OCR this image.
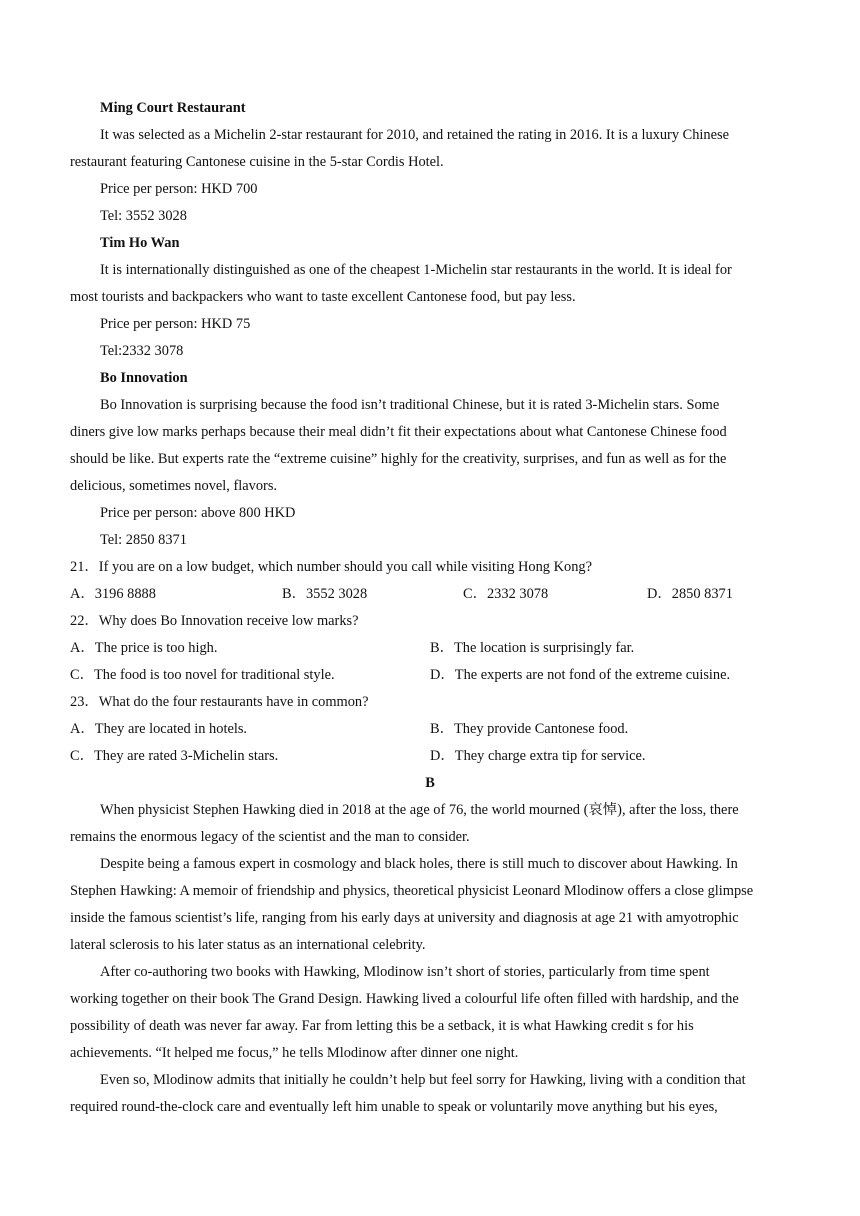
Ming Court Restaurant
It was selected as a Michelin 2-star restaurant for 2010, and retained the rating in 2016. It is a luxury Chinese
restaurant featuring Cantonese cuisine in the 5-star Cordis Hotel.
Price per person: HKD 700
Tel: 3552 3028
Tim Ho Wan
It is internationally distinguished as one of the cheapest 1-Michelin star restaurants in the world. It is ideal for
most tourists and backpackers who want to taste excellent Cantonese food, but pay less.
Price per person: HKD 75
Tel:2332 3078
Bo Innovation
Bo Innovation is surprising because the food isn’t traditional Chinese, but it is rated 3-Michelin stars. Some
diners give low marks perhaps because their meal didn’t fit their expectations about what Cantonese Chinese food
should be like. But experts rate the “extreme cuisine” highly for the creativity, surprises, and fun as well as for the
delicious, sometimes novel, flavors.
Price per person: above 800 HKD
Tel: 2850 8371
21．If you are on a low budget, which number should you call while visiting Hong Kong?
A．3196 8888	B．3552 3028	C．2332 3078	D．2850 8371
22．Why does Bo Innovation receive low marks?
A．The price is too high.	B．The location is surprisingly far.
C．The food is too novel for traditional style.	D．The experts are not fond of the extreme cuisine.
23．What do the four restaurants have in common?
A．They are located in hotels.	B．They provide Cantonese food.
C．They are rated 3-Michelin stars.	D．They charge extra tip for service.
B
When physicist Stephen Hawking died in 2018 at the age of 76, the world mourned (哀悼), after the loss, there
remains the enormous legacy of the scientist and the man to consider.
Despite being a famous expert in cosmology and black holes, there is still much to discover about Hawking. In
Stephen Hawking: A memoir of friendship and physics, theoretical physicist Leonard Mlodinow offers a close glimpse
inside the famous scientist’s life, ranging from his early days at university and diagnosis at age 21 with amyotrophic
lateral sclerosis to his later status as an international celebrity.
After co-authoring two books with Hawking, Mlodinow isn’t short of stories, particularly from time spent
working together on their book The Grand Design. Hawking lived a colourful life often filled with hardship, and the
possibility of death was never far away. Far from letting this be a setback, it is what Hawking credit s for his
achievements. “It helped me focus,” he tells Mlodinow after dinner one night.
Even so, Mlodinow admits that initially he couldn’t help but feel sorry for Hawking, living with a condition that
required round-the-clock care and eventually left him unable to speak or voluntarily move anything but his eyes,
